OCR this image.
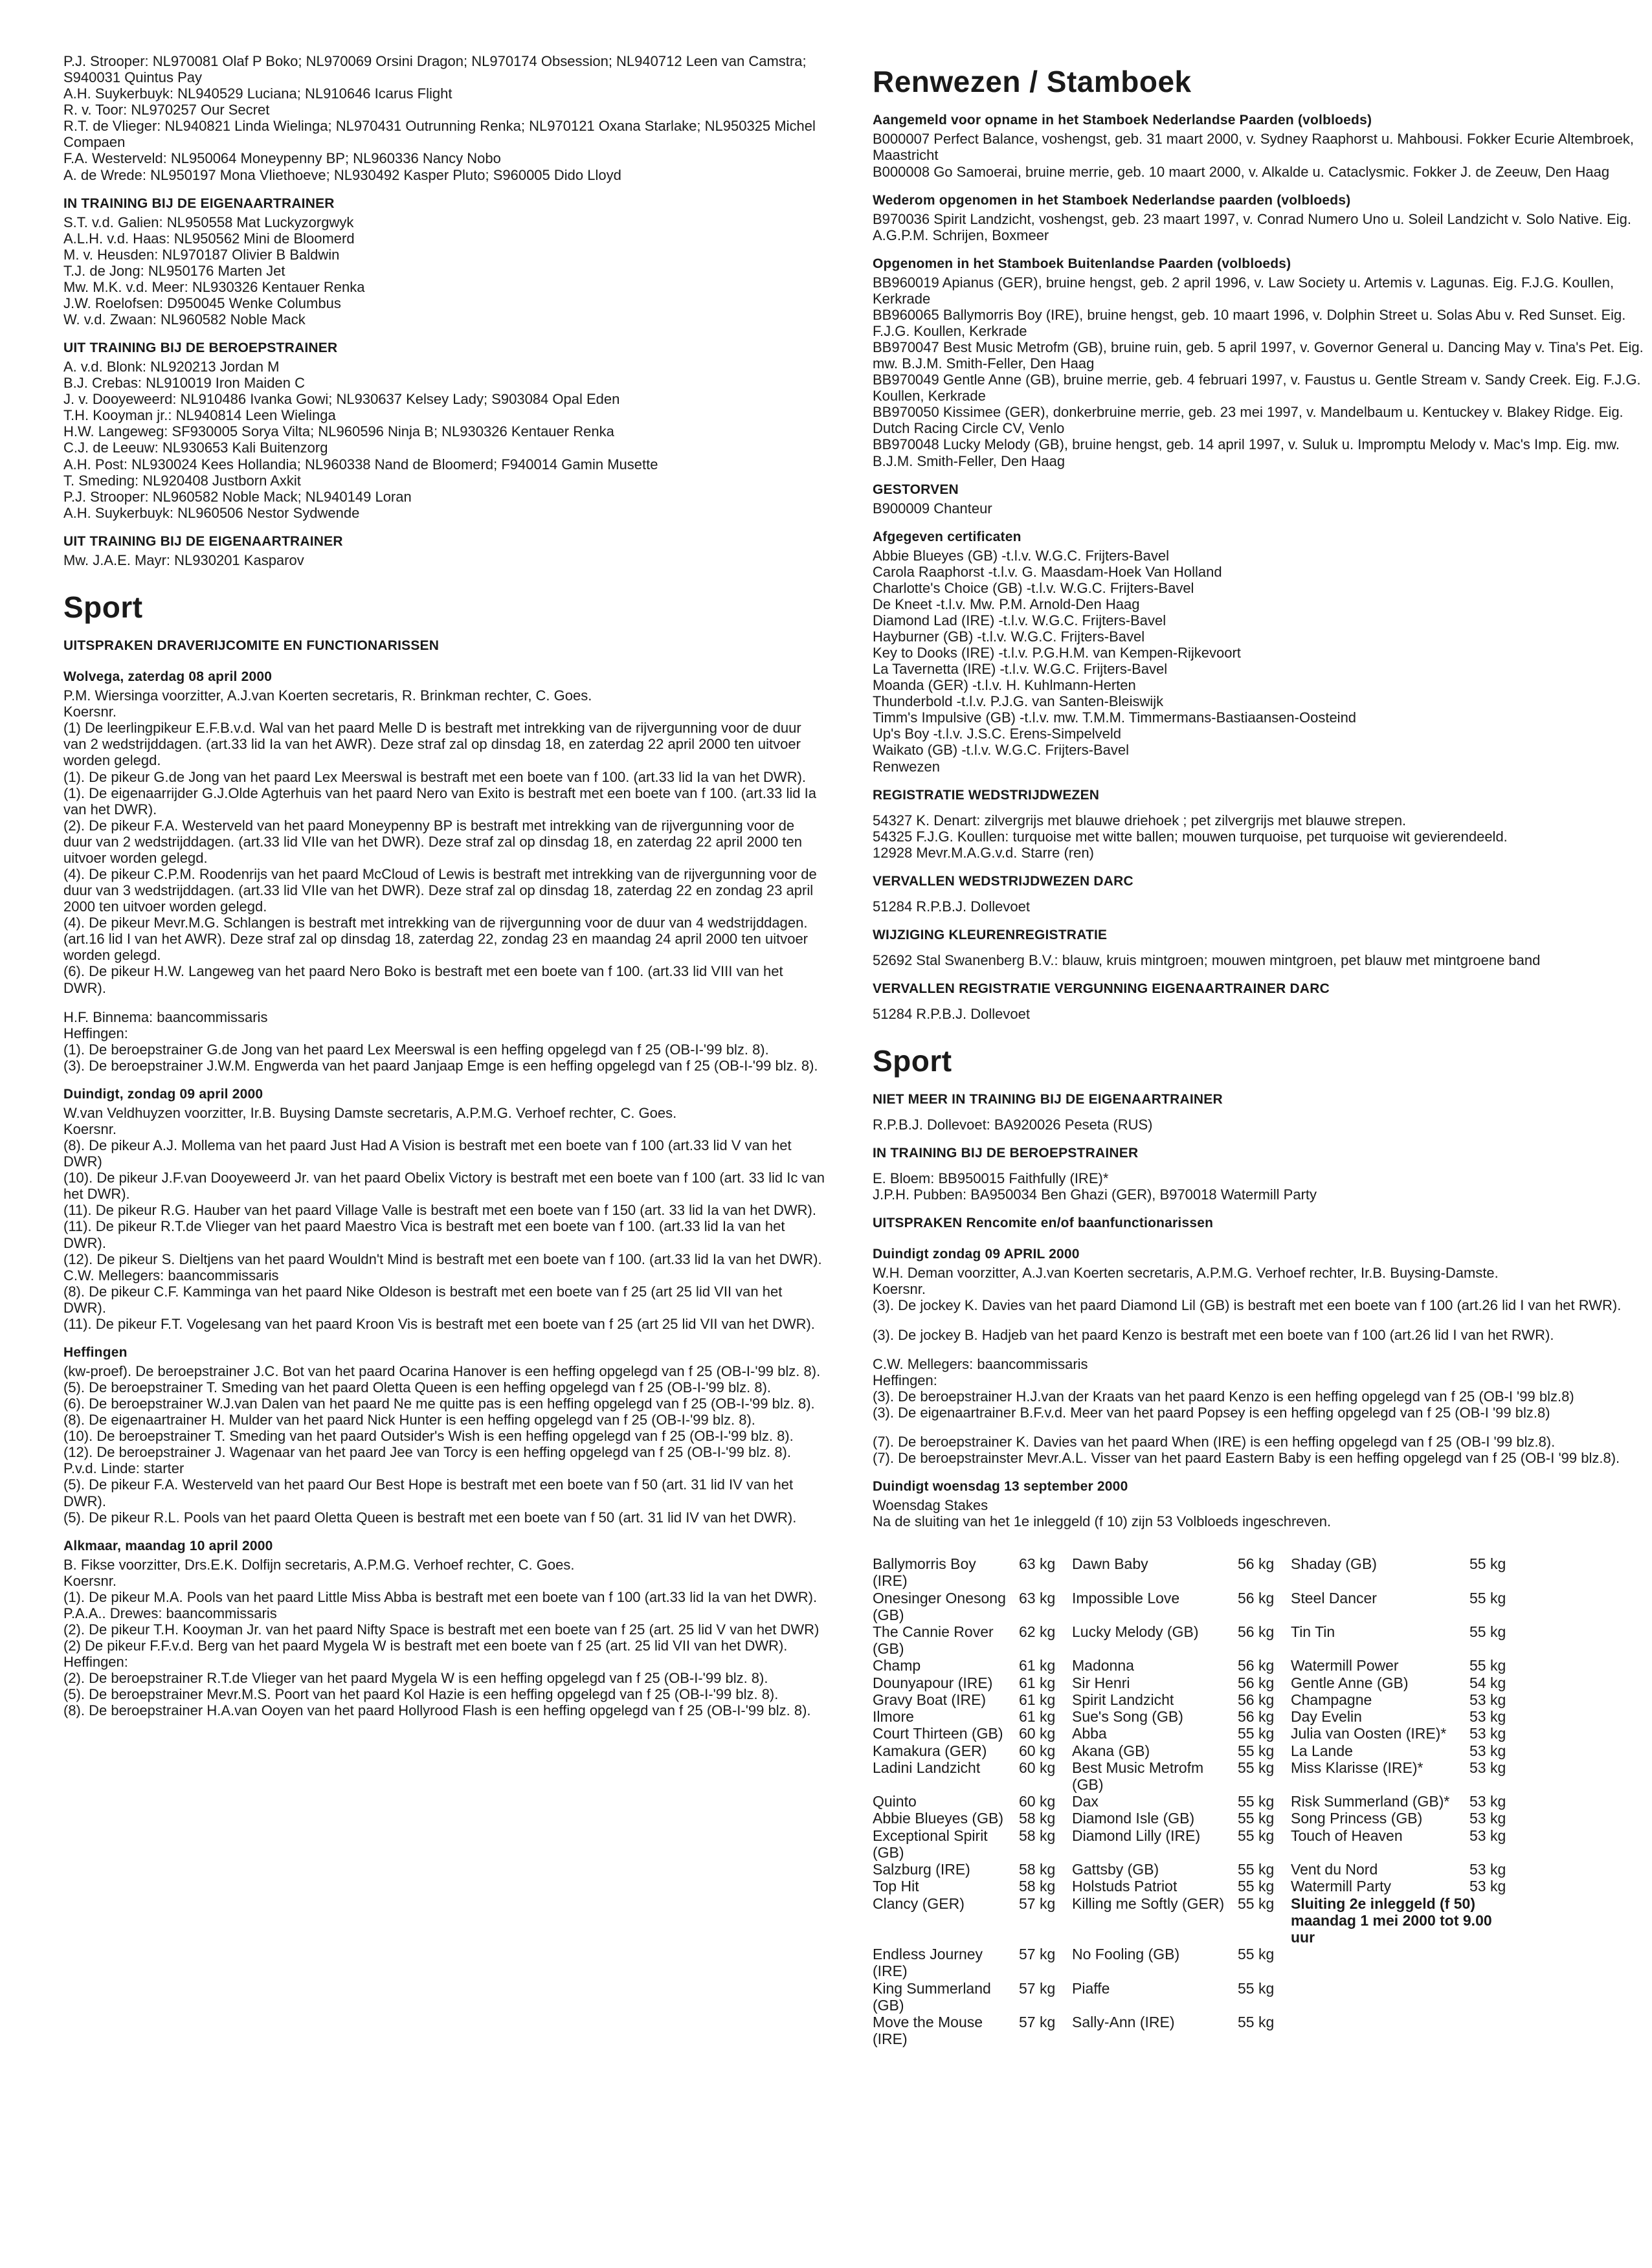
P.J. Strooper: NL970081 Olaf P Boko; NL970069 Orsini Dragon; NL970174 Obsession; NL940712 Leen van Camstra; S940031 Quintus Pay

A.H. Suykerbuyk: NL940529 Luciana; NL910646 Icarus Flight

R. v. Toor: NL970257 Our Secret

R.T. de Vlieger: NL940821 Linda Wielinga; NL970431 Outrunning Renka; NL970121 Oxana Starlake; NL950325 Michel Compaen

F.A. Westerveld: NL950064 Moneypenny BP; NL960336 Nancy Nobo

A. de Wrede: NL950197 Mona Vliethoeve; NL930492 Kasper Pluto; S960005 Dido Lloyd

IN TRAINING BIJ DE EIGENAARTRAINER

S.T. v.d. Galien: NL950558 Mat Luckyzorgwyk

A.L.H. v.d. Haas: NL950562 Mini de Bloomerd

M. v. Heusden: NL970187 Olivier B Baldwin

T.J. de Jong: NL950176 Marten Jet

Mw. M.K. v.d. Meer: NL930326 Kentauer Renka

J.W. Roelofsen: D950045 Wenke Columbus

W. v.d. Zwaan: NL960582 Noble Mack

UIT TRAINING BIJ DE BEROEPSTRAINER

A. v.d. Blonk: NL920213 Jordan M

B.J. Crebas: NL910019 Iron Maiden C

J. v. Dooyeweerd: NL910486 Ivanka Gowi; NL930637 Kelsey Lady; S903084 Opal Eden

T.H. Kooyman jr.: NL940814 Leen Wielinga

H.W. Langeweg: SF930005 Sorya Vilta; NL960596 Ninja B; NL930326 Kentauer Renka

C.J. de Leeuw: NL930653 Kali Buitenzorg

A.H. Post: NL930024 Kees Hollandia; NL960338 Nand de Bloomerd; F940014 Gamin Musette

T. Smeding: NL920408 Justborn Axkit

P.J. Strooper: NL960582 Noble Mack; NL940149 Loran

A.H. Suykerbuyk: NL960506 Nestor Sydwende

UIT TRAINING BIJ DE EIGENAARTRAINER

Mw. J.A.E. Mayr: NL930201 Kasparov

Sport

UITSPRAKEN DRAVERIJCOMITE EN FUNCTIONARISSEN

Wolvega, zaterdag 08 april 2000

P.M. Wiersinga voorzitter, A.J.van Koerten secretaris, R. Brinkman rechter, C. Goes.

Koersnr.

(1) De leerlingpikeur E.F.B.v.d. Wal van het paard Melle D is bestraft met intrekking van de rijvergunning voor de duur van 2 wedstrijddagen. (art.33 lid Ia van het AWR). Deze straf zal op dinsdag 18, en zaterdag 22 april 2000 ten uitvoer worden gelegd.

(1). De pikeur G.de Jong van het paard Lex Meerswal is bestraft met een boete van f 100. (art.33 lid Ia van het DWR).

(1). De eigenaarrijder G.J.Olde Agterhuis van het paard Nero van Exito is bestraft met een boete van f 100. (art.33 lid Ia van het DWR).

(2). De pikeur F.A. Westerveld van het paard Moneypenny BP is bestraft met intrekking van de rijvergunning voor de duur van 2 wedstrijddagen. (art.33 lid VIIe van het DWR). Deze straf zal op dinsdag 18, en zaterdag 22 april 2000 ten uitvoer worden gelegd.

(4). De pikeur C.P.M. Roodenrijs van het paard McCloud of Lewis is bestraft met intrekking van de rijvergunning voor de duur van 3 wedstrijddagen. (art.33 lid VIIe van het DWR). Deze straf zal op dinsdag 18, zaterdag 22 en zondag 23 april 2000 ten uitvoer worden gelegd.

(4). De pikeur Mevr.M.G. Schlangen is bestraft met intrekking van de rijvergunning voor de duur van 4 wedstrijddagen. (art.16 lid I van het AWR). Deze straf zal op dinsdag 18, zaterdag 22, zondag 23 en maandag 24 april 2000 ten uitvoer worden gelegd.

(6). De pikeur H.W. Langeweg van het paard Nero Boko is bestraft met een boete van f 100. (art.33 lid VIII van het DWR).

H.F. Binnema: baancommissaris

Heffingen:

(1). De beroepstrainer G.de Jong van het paard Lex Meerswal is een heffing opgelegd van f 25 (OB-I-'99 blz. 8).

(3). De beroepstrainer J.W.M. Engwerda van het paard Janjaap Emge is een heffing opgelegd van f 25 (OB-I-'99 blz. 8).

Duindigt, zondag 09 april 2000

W.van Veldhuyzen voorzitter, Ir.B. Buysing Damste secretaris, A.P.M.G. Verhoef rechter, C. Goes.

Koersnr.

(8). De pikeur A.J. Mollema van het paard Just Had A Vision is bestraft met een boete van f 100 (art.33 lid V van het DWR)

(10). De pikeur J.F.van Dooyeweerd Jr. van het paard Obelix Victory is bestraft met een boete van f 100 (art. 33 lid Ic van het DWR).

(11). De pikeur R.G. Hauber van het paard Village Valle is bestraft met een boete van f 150 (art. 33 lid Ia van het DWR).

(11). De pikeur R.T.de Vlieger van het paard Maestro Vica is bestraft met een boete van f 100. (art.33 lid Ia van het DWR).

(12). De pikeur S. Dieltjens van het paard Wouldn't Mind is bestraft met een boete van f 100. (art.33 lid Ia van het DWR).

C.W. Mellegers: baancommissaris

(8). De pikeur C.F. Kamminga van het paard Nike Oldeson is bestraft met een boete van f 25 (art 25 lid VII van het DWR).

(11). De pikeur F.T. Vogelesang van het paard Kroon Vis is bestraft met een boete van f 25 (art 25 lid VII van het DWR).

Heffingen

(kw-proef). De beroepstrainer J.C. Bot van het paard Ocarina Hanover is een heffing opgelegd van f 25 (OB-I-'99 blz. 8).

(5). De beroepstrainer T. Smeding van het paard Oletta Queen is een heffing opgelegd van f 25 (OB-I-'99 blz. 8).

(6). De beroepstrainer W.J.van Dalen van het paard Ne me quitte pas is een heffing opgelegd van f 25 (OB-I-'99 blz. 8).

(8). De eigenaartrainer H. Mulder van het paard Nick Hunter is een heffing opgelegd van f 25 (OB-I-'99 blz. 8).

(10). De beroepstrainer T. Smeding van het paard Outsider's Wish is een heffing opgelegd van f 25 (OB-I-'99 blz. 8).

(12). De beroepstrainer J. Wagenaar van het paard Jee van Torcy is een heffing opgelegd van f 25 (OB-I-'99 blz. 8).

P.v.d. Linde: starter

(5). De pikeur F.A. Westerveld van het paard Our Best Hope is bestraft met een boete van f 50 (art. 31 lid IV van het DWR).

(5). De pikeur R.L. Pools van het paard Oletta Queen is bestraft met een boete van f 50 (art. 31 lid IV van het DWR).

Alkmaar, maandag 10 april 2000

B. Fikse voorzitter, Drs.E.K. Dolfijn secretaris, A.P.M.G. Verhoef rechter, C. Goes.

Koersnr.

(1). De pikeur M.A. Pools van het paard Little Miss Abba is bestraft met een boete van f 100 (art.33 lid Ia van het DWR).

P.A.A.. Drewes: baancommissaris

(2). De pikeur T.H. Kooyman Jr. van het paard Nifty Space is bestraft met een boete van f 25 (art. 25 lid V van het DWR)

(2) De pikeur F.F.v.d. Berg van het paard Mygela W is bestraft met een boete van f 25 (art. 25 lid VII van het DWR).

Heffingen:

(2). De beroepstrainer R.T.de Vlieger van het paard Mygela W is een heffing opgelegd van f 25 (OB-I-'99 blz. 8).

(5). De beroepstrainer Mevr.M.S. Poort van het paard Kol Hazie is een heffing opgelegd van f 25 (OB-I-'99 blz. 8).

(8). De beroepstrainer H.A.van Ooyen van het paard Hollyrood Flash is een heffing opgelegd van f 25 (OB-I-'99 blz. 8).

Renwezen / Stamboek

Aangemeld voor opname in het Stamboek Nederlandse Paarden (volbloeds)

B000007 Perfect Balance, voshengst, geb. 31 maart 2000, v. Sydney Raaphorst u. Mahbousi. Fokker Ecurie Altembroek, Maastricht

B000008 Go Samoerai, bruine merrie, geb. 10 maart 2000, v. Alkalde u. Cataclysmic. Fokker J. de Zeeuw, Den Haag

Wederom opgenomen in het Stamboek Nederlandse paarden (volbloeds)

B970036 Spirit Landzicht, voshengst, geb. 23 maart 1997, v. Conrad Numero Uno u. Soleil Landzicht v. Solo Native. Eig. A.G.P.M. Schrijen, Boxmeer

Opgenomen in het Stamboek Buitenlandse Paarden (volbloeds)

BB960019 Apianus (GER), bruine hengst, geb. 2 april 1996, v. Law Society u. Artemis v. Lagunas. Eig. F.J.G. Koullen, Kerkrade

BB960065 Ballymorris Boy (IRE), bruine hengst, geb. 10 maart 1996, v. Dolphin Street u. Solas Abu v. Red Sunset. Eig. F.J.G. Koullen, Kerkrade

BB970047 Best Music Metrofm (GB), bruine ruin, geb. 5 april 1997, v. Governor General u. Dancing May v. Tina's Pet. Eig. mw. B.J.M. Smith-Feller, Den Haag

BB970049 Gentle Anne (GB), bruine merrie, geb. 4 februari 1997, v. Faustus u. Gentle Stream v. Sandy Creek. Eig. F.J.G. Koullen, Kerkrade

BB970050 Kissimee (GER), donkerbruine merrie, geb. 23 mei 1997, v. Mandelbaum u. Kentuckey v. Blakey Ridge. Eig. Dutch Racing Circle CV, Venlo

BB970048 Lucky Melody (GB), bruine hengst, geb. 14 april 1997, v. Suluk u. Impromptu Melody v. Mac's Imp. Eig. mw. B.J.M. Smith-Feller, Den Haag

GESTORVEN

B900009 Chanteur

Afgegeven certificaten

Abbie Blueyes (GB) -t.l.v. W.G.C. Frijters-Bavel

Carola Raaphorst -t.l.v. G. Maasdam-Hoek Van Holland

Charlotte's Choice (GB) -t.l.v. W.G.C. Frijters-Bavel

De Kneet -t.l.v. Mw. P.M. Arnold-Den Haag

Diamond Lad (IRE) -t.l.v. W.G.C. Frijters-Bavel

Hayburner (GB) -t.l.v. W.G.C. Frijters-Bavel

Key to Dooks (IRE) -t.l.v. P.G.H.M. van Kempen-Rijkevoort

La Tavernetta (IRE) -t.l.v. W.G.C. Frijters-Bavel

Moanda (GER) -t.l.v. H. Kuhlmann-Herten

Thunderbold -t.l.v. P.J.G. van Santen-Bleiswijk

Timm's Impulsive (GB) -t.l.v. mw. T.M.M. Timmermans-Bastiaansen-Oosteind

Up's Boy -t.l.v. J.S.C. Erens-Simpelveld

Waikato (GB) -t.l.v. W.G.C. Frijters-Bavel

Renwezen

REGISTRATIE WEDSTRIJDWEZEN

54327 K. Denart: zilvergrijs met blauwe driehoek ; pet zilvergrijs met blauwe strepen.

54325 F.J.G. Koullen: turquoise met witte ballen; mouwen turquoise, pet turquoise wit gevierendeeld.

12928 Mevr.M.A.G.v.d. Starre (ren)

VERVALLEN WEDSTRIJDWEZEN DARC

51284 R.P.B.J. Dollevoet

WIJZIGING KLEURENREGISTRATIE

52692 Stal Swanenberg B.V.: blauw, kruis mintgroen; mouwen mintgroen, pet blauw met mintgroene band

VERVALLEN REGISTRATIE VERGUNNING EIGENAARTRAINER DARC

51284 R.P.B.J. Dollevoet

Sport

NIET MEER IN TRAINING BIJ DE EIGENAARTRAINER

R.P.B.J. Dollevoet: BA920026 Peseta (RUS)

IN TRAINING BIJ DE BEROEPSTRAINER

E. Bloem: BB950015 Faithfully (IRE)*

J.P.H. Pubben: BA950034 Ben Ghazi (GER), B970018 Watermill Party

UITSPRAKEN Rencomite en/of baanfunctionarissen

Duindigt zondag 09 APRIL 2000

W.H. Deman voorzitter, A.J.van Koerten secretaris, A.P.M.G. Verhoef rechter, Ir.B. Buysing-Damste.

Koersnr.

(3). De jockey K. Davies van het paard Diamond Lil (GB) is bestraft met een boete van f 100 (art.26 lid I van het RWR).

(3). De jockey B. Hadjeb van het paard Kenzo is bestraft met een boete van f 100 (art.26 lid I van het RWR).

C.W. Mellegers: baancommissaris

Heffingen:

(3). De beroepstrainer H.J.van der Kraats van het paard Kenzo is een heffing opgelegd van f 25 (OB-I '99 blz.8)

(3). De eigenaartrainer B.F.v.d. Meer van het paard Popsey is een heffing opgelegd van f 25 (OB-I '99 blz.8)

(7). De beroepstrainer K. Davies van het paard When (IRE) is een heffing opgelegd van f 25 (OB-I '99 blz.8).

(7). De beroepstrainster Mevr.A.L. Visser van het paard Eastern Baby is een heffing opgelegd van f 25 (OB-I '99 blz.8).

Duindigt woensdag 13 september 2000

Woensdag Stakes

Na de sluiting van het 1e inleggeld (f 10) zijn 53 Volbloeds ingeschreven.

Ballymorris Boy (IRE)
63 kg	Dawn Baby	56 kg	Shaday (GB)	55 kg
Onesinger Onesong (GB)
63 kg	Impossible Love	56 kg	Steel Dancer	55 kg
The Cannie Rover (GB)
62 kg	Lucky Melody (GB)	56 kg	Tin Tin	55 kg
Champ	61 kg	Madonna	56 kg	Watermill Power	55 kg
Dounyapour (IRE)	61 kg	Sir Henri	56 kg	Gentle Anne (GB)	54 kg
Gravy Boat (IRE)	61 kg	Spirit Landzicht	56 kg	Champagne	53 kg
Ilmore	61 kg	Sue's Song (GB)	56 kg	Day Evelin	53 kg
Court Thirteen (GB)	60 kg	Abba	55 kg	Julia van Oosten (IRE)*	53 kg
Kamakura (GER)	60 kg	Akana (GB)	55 kg	La Lande	53 kg
Ladini Landzicht	60 kg	Best Music Metrofm (GB)
55 kg	Miss Klarisse (IRE)*	53 kg
Quinto	60 kg	Dax	55 kg	Risk Summerland (GB)*	53 kg
Abbie Blueyes (GB)	58 kg	Diamond Isle (GB)	55 kg	Song Princess (GB)	53 kg
Exceptional Spirit (GB)
58 kg	Diamond Lilly (IRE)	55 kg	Touch of Heaven	53 kg
Salzburg (IRE)	58 kg	Gattsby (GB)	55 kg	Vent du Nord	53 kg
Top Hit	58 kg	Holstuds Patriot	55 kg	Watermill Party	53 kg
Clancy (GER)	57 kg	Killing me Softly (GER) 55 kg	Sluiting 2e inleggeld (f 50) maandag 1 mei 2000 tot 9.00 uur
Endless Journey (IRE)
57 kg	No Fooling (GB)	55 kg
King Summerland (GB)
57 kg	Piaffe	55 kg
Move the Mouse (IRE)
57 kg	Sally-Ann (IRE)	55 kg
